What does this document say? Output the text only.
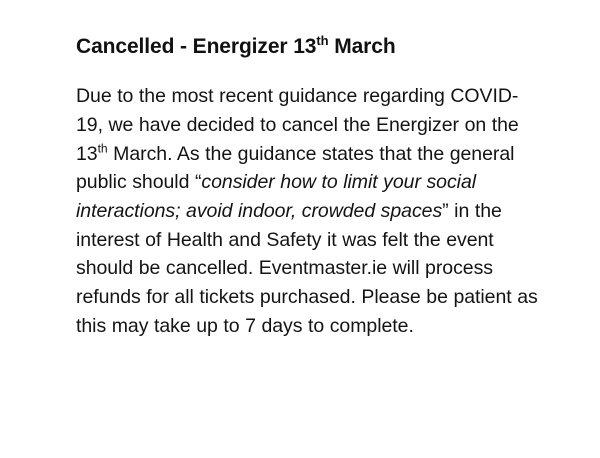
Cancelled - Energizer 13th March

Due to the most recent guidance regarding COVID-19, we have decided to cancel the Energizer on the 13th March. As the guidance states that the general public should “consider how to limit your social interactions; avoid indoor, crowded spaces” in the interest of Health and Safety it was felt the event should be cancelled. Eventmaster.ie will process refunds for all tickets purchased. Please be patient as this may take up to 7 days to complete.
